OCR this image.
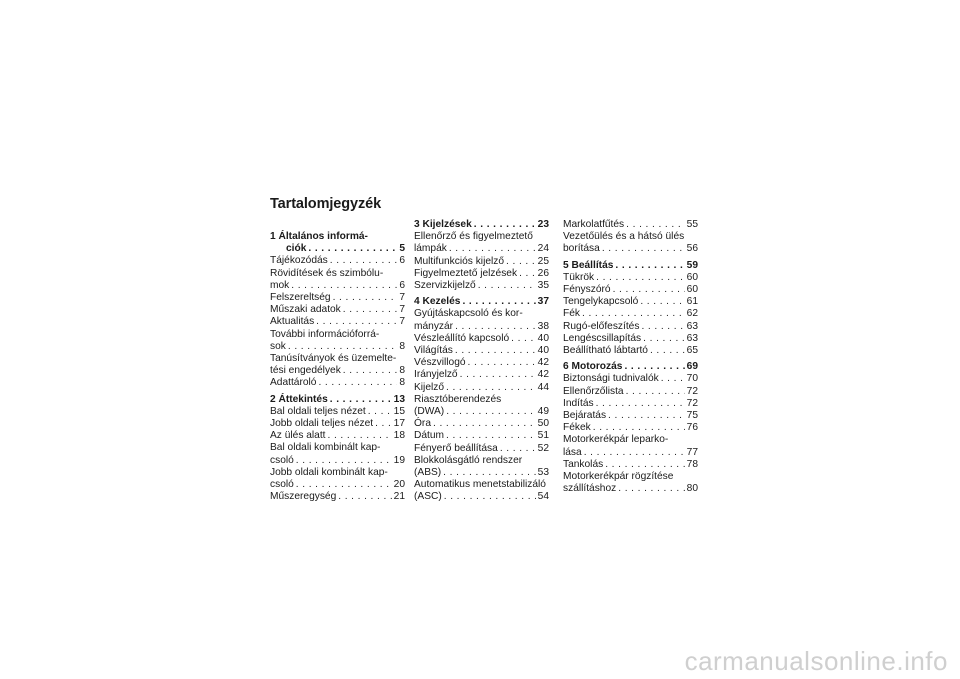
Tartalomjegyzék
1 Általános informá-
ciók . . .	5
Tájékozódás . . .	6
Rövidítések és szimbólu-
mok . . .	6
Felszereltség . . .	7
Műszaki adatok . . .	7
Aktualitás . . .	7
További információforrá-
sok . . .	8
Tanúsítványok és üzemelte-
tési engedélyek . . .	8
Adattároló . . .	8
2 Áttekintés . . .	13
Bal oldali teljes nézet . . .	15
Jobb oldali teljes nézet . . . 17
Az ülés alatt . . .	18
Bal oldali kombinált kap-
csoló . . .	19
Jobb oldali kombinált kap-
csoló . . .	20
Műszeregység . . .	21
3 Kijelzések . . .	23
Ellenőrző és figyelmeztető
lámpák . . .	24
Multifunkciós kijelző . . .	25
Figyelmeztető jelzések . . . 26
Szervizkijelző . . .	35
4 Kezelés . . .	37
Gyújtáskapcsoló és kor-
mányzár . . .	38
Vészleállító kapcsoló . . .	40
Világítás . . .	40
Vészvillogó . . .	42
Irányjelző . . .	42
Kijelző . . .	44
Riasztóberendezés
(DWA) . . .	49
Óra . . .	50
Dátum . . .	51
Fényerő beállítása . . .	52
Blokkolásgátló rendszer
(ABS) . . .	53
Automatikus menetstabilizáló
(ASC) . . .	54
Markolatfűtés . . .	55
Vezetőülés és a hátsó ülés
borítása . . .	56
5 Beállítás . . .	59
Tükrök . . .	60
Fényszóró . . .	60
Tengelykapcsoló . . .	61
Fék . . .	62
Rugó-előfeszítés . . .	63
Lengéscsillapítás . . .	63
Beállítható lábtartó . . .	65
6 Motorozás . . .	69
Biztonsági tudnivalók . . .	70
Ellenőrzőlista . . .	72
Indítás . . .	72
Bejáratás . . .	75
Fékek . . .	76
Motorkerékpár leparko-
lása . . .	77
Tankolás . . .	78
Motorkerékpár rögzítése
szállításhoz . . .	80
carmanualsonline.info
